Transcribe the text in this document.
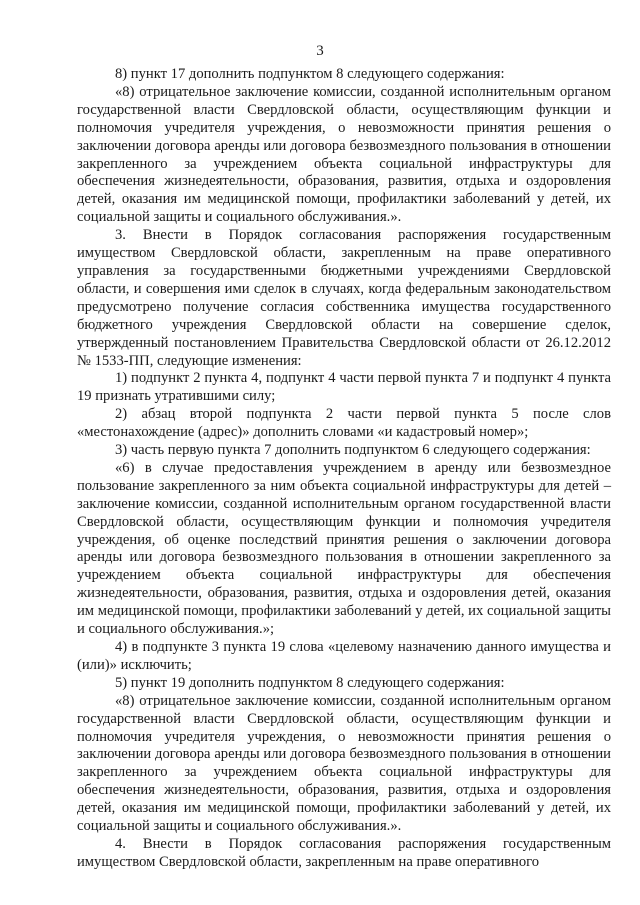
3

8) пункт 17 дополнить подпунктом 8 следующего содержания:

«8) отрицательное заключение комиссии, созданной исполнительным органом государственной власти Свердловской области, осуществляющим функции и полномочия учредителя учреждения, о невозможности принятия решения о заключении договора аренды или договора безвозмездного пользования в отношении закрепленного за учреждением объекта социальной инфраструктуры для обеспечения жизнедеятельности, образования, развития, отдыха и оздоровления детей, оказания им медицинской помощи, профилактики заболеваний у детей, их социальной защиты и социального обслуживания.».

3. Внести в Порядок согласования распоряжения государственным имуществом Свердловской области, закрепленным на праве оперативного управления за государственными бюджетными учреждениями Свердловской области, и совершения ими сделок в случаях, когда федеральным законодательством предусмотрено получение согласия собственника имущества государственного бюджетного учреждения Свердловской области на совершение сделок, утвержденный постановлением Правительства Свердловской области от 26.12.2012 № 1533-ПП, следующие изменения:

1) подпункт 2 пункта 4, подпункт 4 части первой пункта 7 и подпункт 4 пункта 19 признать утратившими силу;

2) абзац второй подпункта 2 части первой пункта 5 после слов «местонахождение (адрес)» дополнить словами «и кадастровый номер»;

3) часть первую пункта 7 дополнить подпунктом 6 следующего содержания:

«6) в случае предоставления учреждением в аренду или безвозмездное пользование закрепленного за ним объекта социальной инфраструктуры для детей – заключение комиссии, созданной исполнительным органом государственной власти Свердловской области, осуществляющим функции и полномочия учредителя учреждения, об оценке последствий принятия решения о заключении договора аренды или договора безвозмездного пользования в отношении закрепленного за учреждением объекта социальной инфраструктуры для обеспечения жизнедеятельности, образования, развития, отдыха и оздоровления детей, оказания им медицинской помощи, профилактики заболеваний у детей, их социальной защиты и социального обслуживания.»;

4) в подпункте 3 пункта 19 слова «целевому назначению данного имущества и (или)» исключить;

5) пункт 19 дополнить подпунктом 8 следующего содержания:

«8) отрицательное заключение комиссии, созданной исполнительным органом государственной власти Свердловской области, осуществляющим функции и полномочия учредителя учреждения, о невозможности принятия решения о заключении договора аренды или договора безвозмездного пользования в отношении закрепленного за учреждением объекта социальной инфраструктуры для обеспечения жизнедеятельности, образования, развития, отдыха и оздоровления детей, оказания им медицинской помощи, профилактики заболеваний у детей, их социальной защиты и социального обслуживания.».

4. Внести в Порядок согласования распоряжения государственным имуществом Свердловской области, закрепленным на праве оперативного
